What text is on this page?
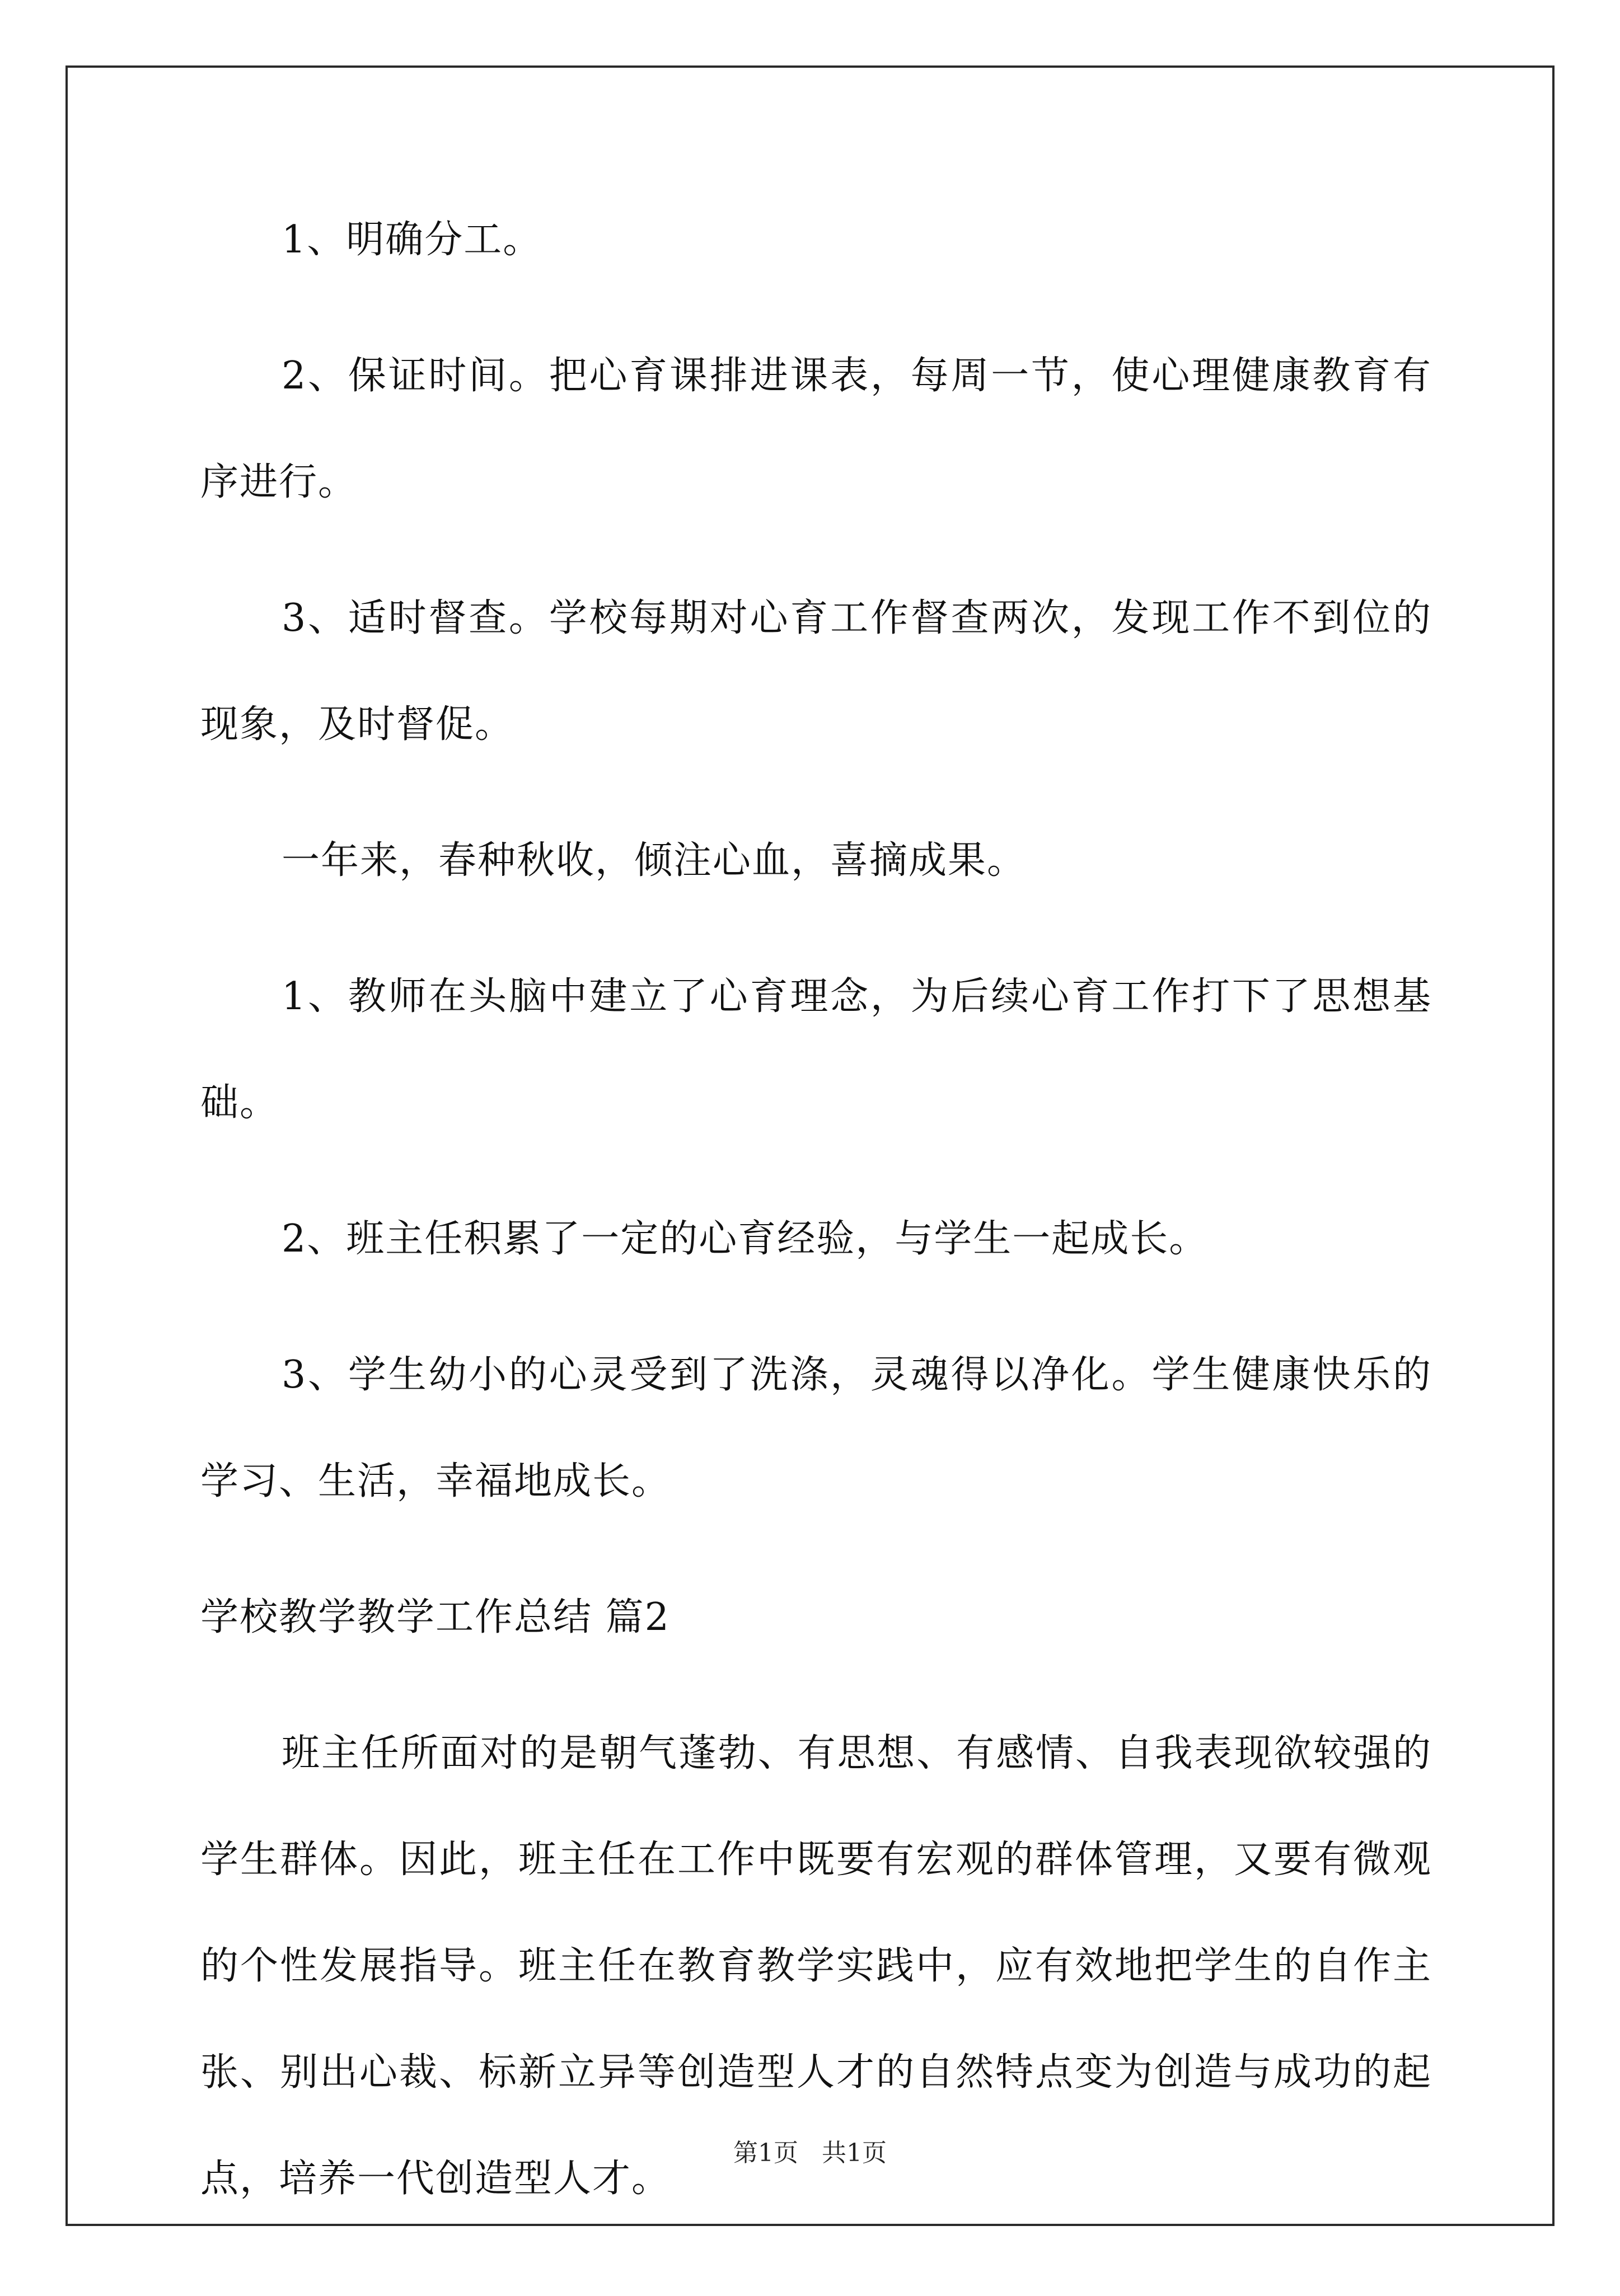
1、明确分工。

2、保证时间。把心育课排进课表，每周一节，使心理健康教育有序进行。

3、适时督查。学校每期对心育工作督查两次，发现工作不到位的现象，及时督促。

一年来，春种秋收，倾注心血，喜摘成果。

1、教师在头脑中建立了心育理念，为后续心育工作打下了思想基础。

2、班主任积累了一定的心育经验，与学生一起成长。

3、学生幼小的心灵受到了洗涤，灵魂得以净化。学生健康快乐的学习、生活，幸福地成长。

学校教学教学工作总结 篇2

班主任所面对的是朝气蓬勃、有思想、有感情、自我表现欲较强的学生群体。因此，班主任在工作中既要有宏观的群体管理，又要有微观的个性发展指导。班主任在教育教学实践中，应有效地把学生的自作主张、别出心裁、标新立异等创造型人才的自然特点变为创造与成功的起点，培养一代创造型人才。

第1页 共1页
